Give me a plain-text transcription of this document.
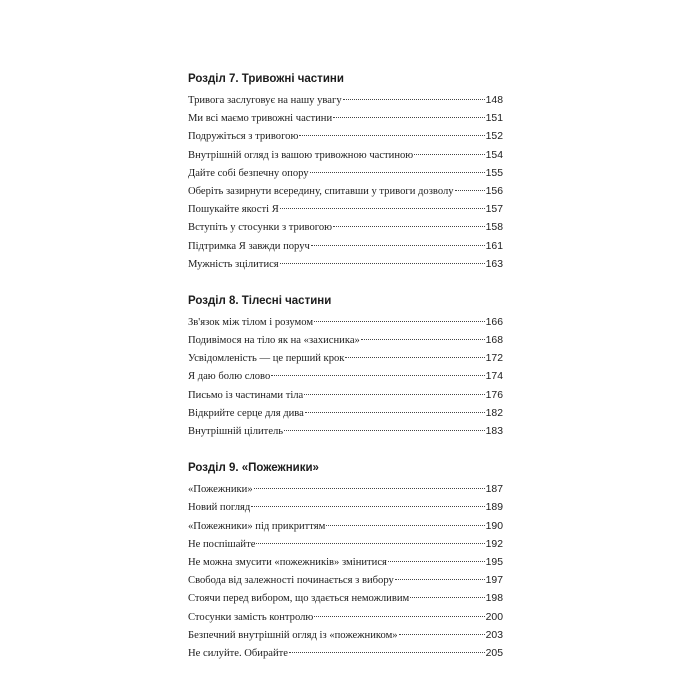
Розділ 7. Тривожні частини
Тривога заслуговує на нашу увагу	148
Ми всі маємо тривожні частини	151
Подружіться з тривогою	152
Внутрішній огляд із вашою тривожною частиною	154
Дайте собі безпечну опору	155
Оберіть зазирнути всередину, спитавши у тривоги дозволу	156
Пошукайте якості Я	157
Вступіть у стосунки з тривогою	158
Підтримка Я завжди поруч	161
Мужність зцілитися	163
Розділ 8. Тілесні частини
Зв'язок між тілом і розумом	166
Подивімося на тіло як на «захисника»	168
Усвідомленість — це перший крок	172
Я даю болю слово	174
Письмо із частинами тіла	176
Відкрийте серце для дива	182
Внутрішній цілитель	183
Розділ 9. «Пожежники»
«Пожежники»	187
Новий погляд	189
«Пожежники» під прикриттям	190
Не поспішайте	192
Не можна змусити «пожежників» змінитися	195
Свобода від залежності починається з вибору	197
Стоячи перед вибором, що здається неможливим	198
Стосунки замість контролю	200
Безпечний внутрішній огляд із «пожежником»	203
Не силуйте. Обирайте	205
